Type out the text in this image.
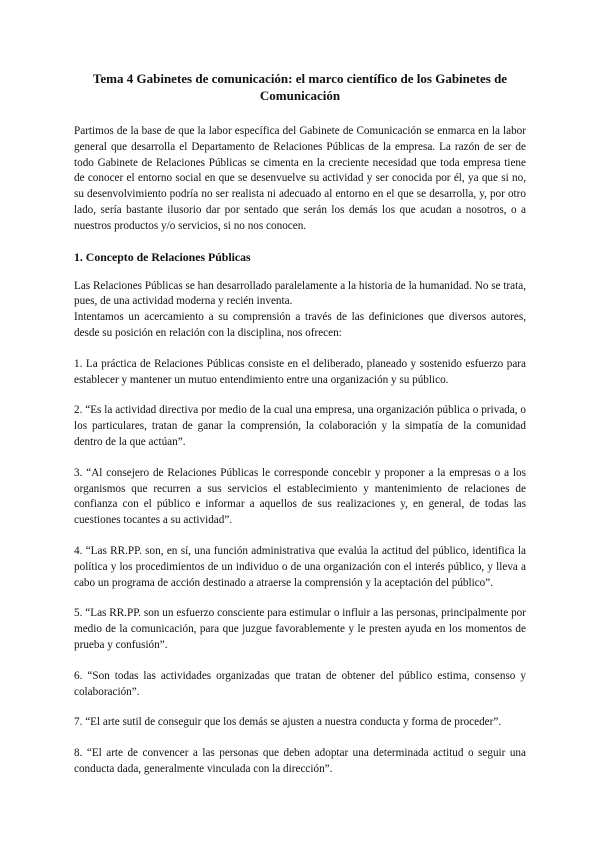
Tema 4 Gabinetes de comunicación: el marco científico de los Gabinetes de Comunicación

Partimos de la base de que la labor específica del Gabinete de Comunicación se enmarca en la labor general que desarrolla el Departamento de Relaciones Públicas de la empresa. La razón de ser de todo Gabinete de Relaciones Públicas se cimenta en la creciente necesidad que toda empresa tiene de conocer el entorno social en que se desenvuelve su actividad y ser conocida por él, ya que si no, su desenvolvimiento podría no ser realista ni adecuado al entorno en el que se desarrolla, y, por otro lado, sería bastante ilusorio dar por sentado que serán los demás los que acudan a nosotros, o a nuestros productos y/o servicios, si no nos conocen.

1. Concepto de Relaciones Públicas

Las Relaciones Públicas se han desarrollado paralelamente a la historia de la humanidad. No se trata, pues, de una actividad moderna y recién inventa.

Intentamos un acercamiento a su comprensión a través de las definiciones que diversos autores, desde su posición en relación con la disciplina, nos ofrecen:

1. La práctica de Relaciones Públicas consiste en el deliberado, planeado y sostenido esfuerzo para establecer y mantener un mutuo entendimiento entre una organización y su público.

2. “Es la actividad directiva por medio de la cual una empresa, una organización pública o privada, o los particulares, tratan de ganar la comprensión, la colaboración y la simpatía de la comunidad dentro de la que actúan”.

3. “Al consejero de Relaciones Públicas le corresponde concebir y proponer a la empresas o a los organismos que recurren a sus servicios el establecimiento y mantenimiento de relaciones de confianza con el público e informar a aquellos de sus realizaciones y, en general, de todas las cuestiones tocantes a su actividad”.

4. “Las RR.PP. son, en sí, una función administrativa que evalúa la actitud del público, identifica la política y los procedimientos de un individuo o de una organización con el interés público, y lleva a cabo un programa de acción destinado a atraerse la comprensión y la aceptación del público”.

5. “Las RR.PP. son un esfuerzo consciente para estimular o influir a las personas, principalmente por medio de la comunicación, para que juzgue favorablemente y le presten ayuda en los momentos de prueba y confusión”.

6. “Son todas las actividades organizadas que tratan de obtener del público estima, consenso y colaboración”.

7. “El arte sutil de conseguir que los demás se ajusten a nuestra conducta y forma de proceder”.

8. “El arte de convencer a las personas que deben adoptar una determinada actitud o seguir una conducta dada, generalmente vinculada con la dirección”.
